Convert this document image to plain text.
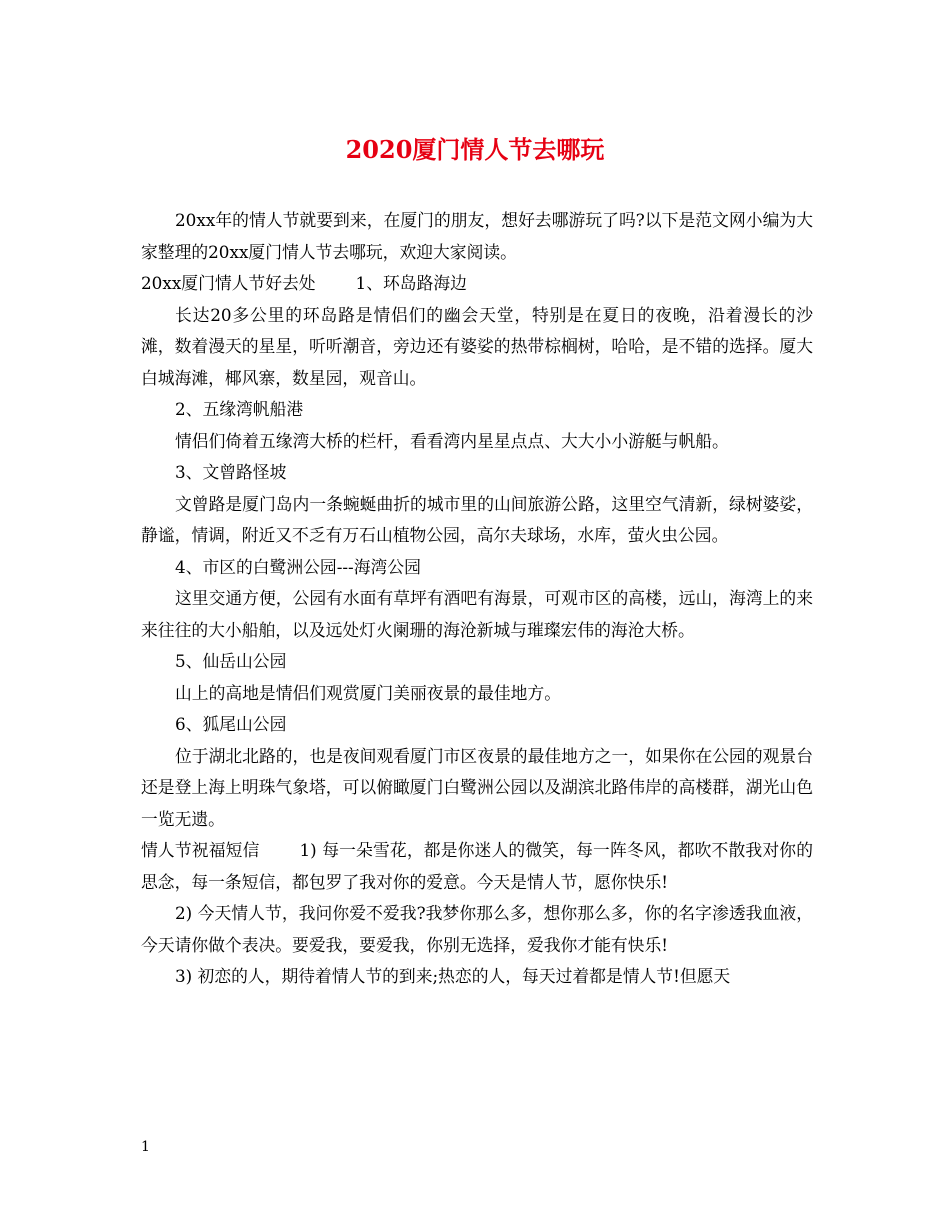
2020厦门情人节去哪玩

20xx年的情人节就要到来，在厦门的朋友，想好去哪游玩了吗?以下是范文网小编为大家整理的20xx厦门情人节去哪玩，欢迎大家阅读。

20xx厦门情人节好去处 1、环岛路海边

长达20多公里的环岛路是情侣们的幽会天堂，特别是在夏日的夜晚，沿着漫长的沙滩，数着漫天的星星，听听潮音，旁边还有婆娑的热带棕榈树，哈哈，是不错的选择。厦大白城海滩，椰风寨，数星园，观音山。

2、五缘湾帆船港

情侣们倚着五缘湾大桥的栏杆，看看湾内星星点点、大大小小游艇与帆船。

3、文曾路怪坡

文曾路是厦门岛内一条蜿蜒曲折的城市里的山间旅游公路，这里空气清新，绿树婆娑，静谧，情调，附近又不乏有万石山植物公园，高尔夫球场，水库，萤火虫公园。

4、市区的白鹭洲公园---海湾公园

这里交通方便，公园有水面有草坪有酒吧有海景，可观市区的高楼，远山，海湾上的来来往往的大小船舶，以及远处灯火阑珊的海沧新城与璀璨宏伟的海沧大桥。

5、仙岳山公园

山上的高地是情侣们观赏厦门美丽夜景的最佳地方。

6、狐尾山公园

位于湖北北路的，也是夜间观看厦门市区夜景的最佳地方之一，如果你在公园的观景台还是登上海上明珠气象塔，可以俯瞰厦门白鹭洲公园以及湖滨北路伟岸的高楼群，湖光山色一览无遗。

情人节祝福短信 1) 每一朵雪花，都是你迷人的微笑，每一阵冬风，都吹不散我对你的思念，每一条短信，都包罗了我对你的爱意。今天是情人节，愿你快乐!

2) 今天情人节，我问你爱不爱我?我梦你那么多，想你那么多，你的名字渗透我血液，今天请你做个表决。要爱我，要爱我，你别无选择，爱我你才能有快乐!

3) 初恋的人，期待着情人节的到来;热恋的人，每天过着都是情人节!但愿天

1
